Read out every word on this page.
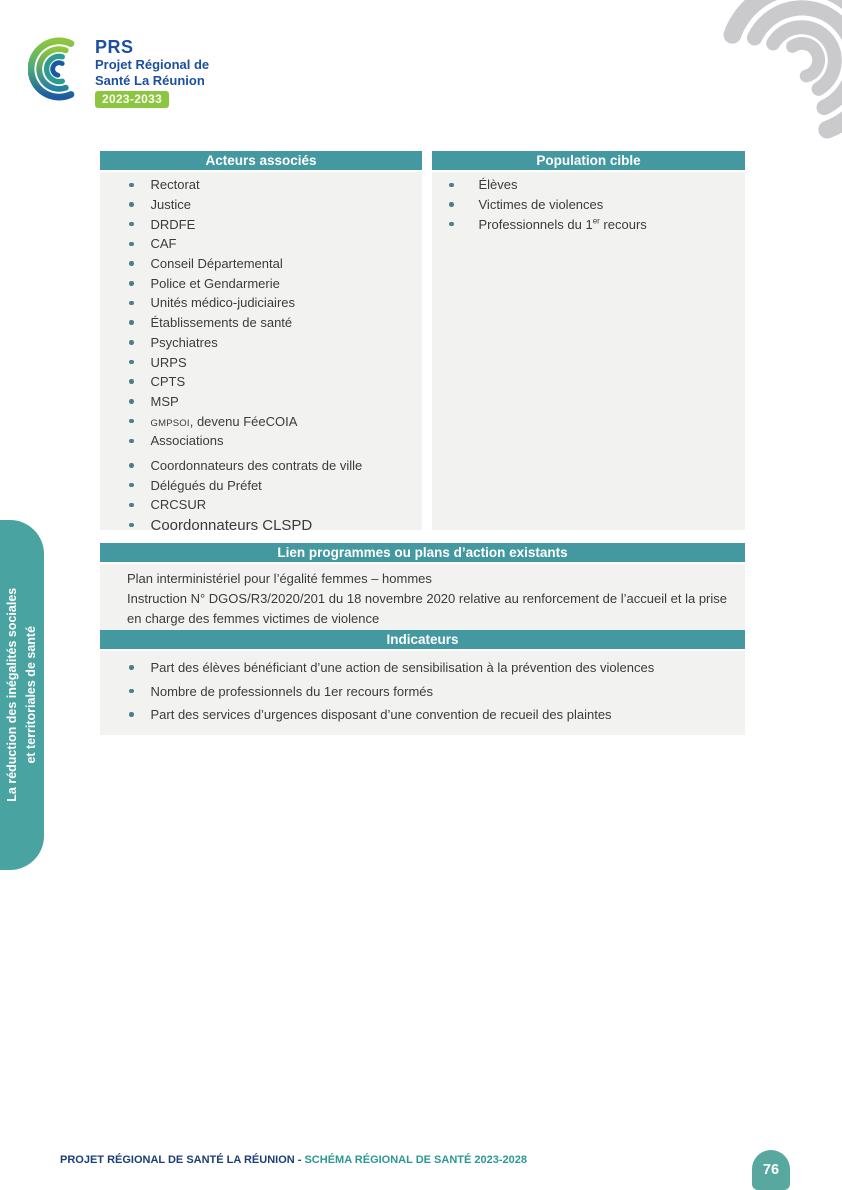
PRS
Projet Régional de
Santé La Réunion
2023-2033
La réduction des inégalités sociales et territoriales de santé
Acteurs associés
Rectorat
Justice
DRDFE
CAF
Conseil Départemental
Police et Gendarmerie
Unités médico-judiciaires
Établissements de santé
Psychiatres
URPS
CPTS
MSP
GMPSOI, devenu FéeCOIA
Associations
Coordonnateurs des contrats de ville
Délégués du Préfet
CRCSUR
Coordonnateurs CLSPD
Population cible
Élèves
Victimes de violences
Professionnels du 1er recours
Lien programmes ou plans d’action existants

Plan interministériel pour l’égalité femmes – hommes

Instruction N° DGOS/R3/2020/201 du 18 novembre 2020 relative au renforcement de l’accueil et la prise en charge des femmes victimes de violence

Indicateurs
Part des élèves bénéficiant d’une action de sensibilisation à la prévention des violences
Nombre de professionnels du 1er recours formés
Part des services d’urgences disposant d’une convention de recueil des plaintes
PROJET RÉGIONAL DE SANTÉ LA RÉUNION - SCHÉMA RÉGIONAL DE SANTÉ 2023-2028
76
